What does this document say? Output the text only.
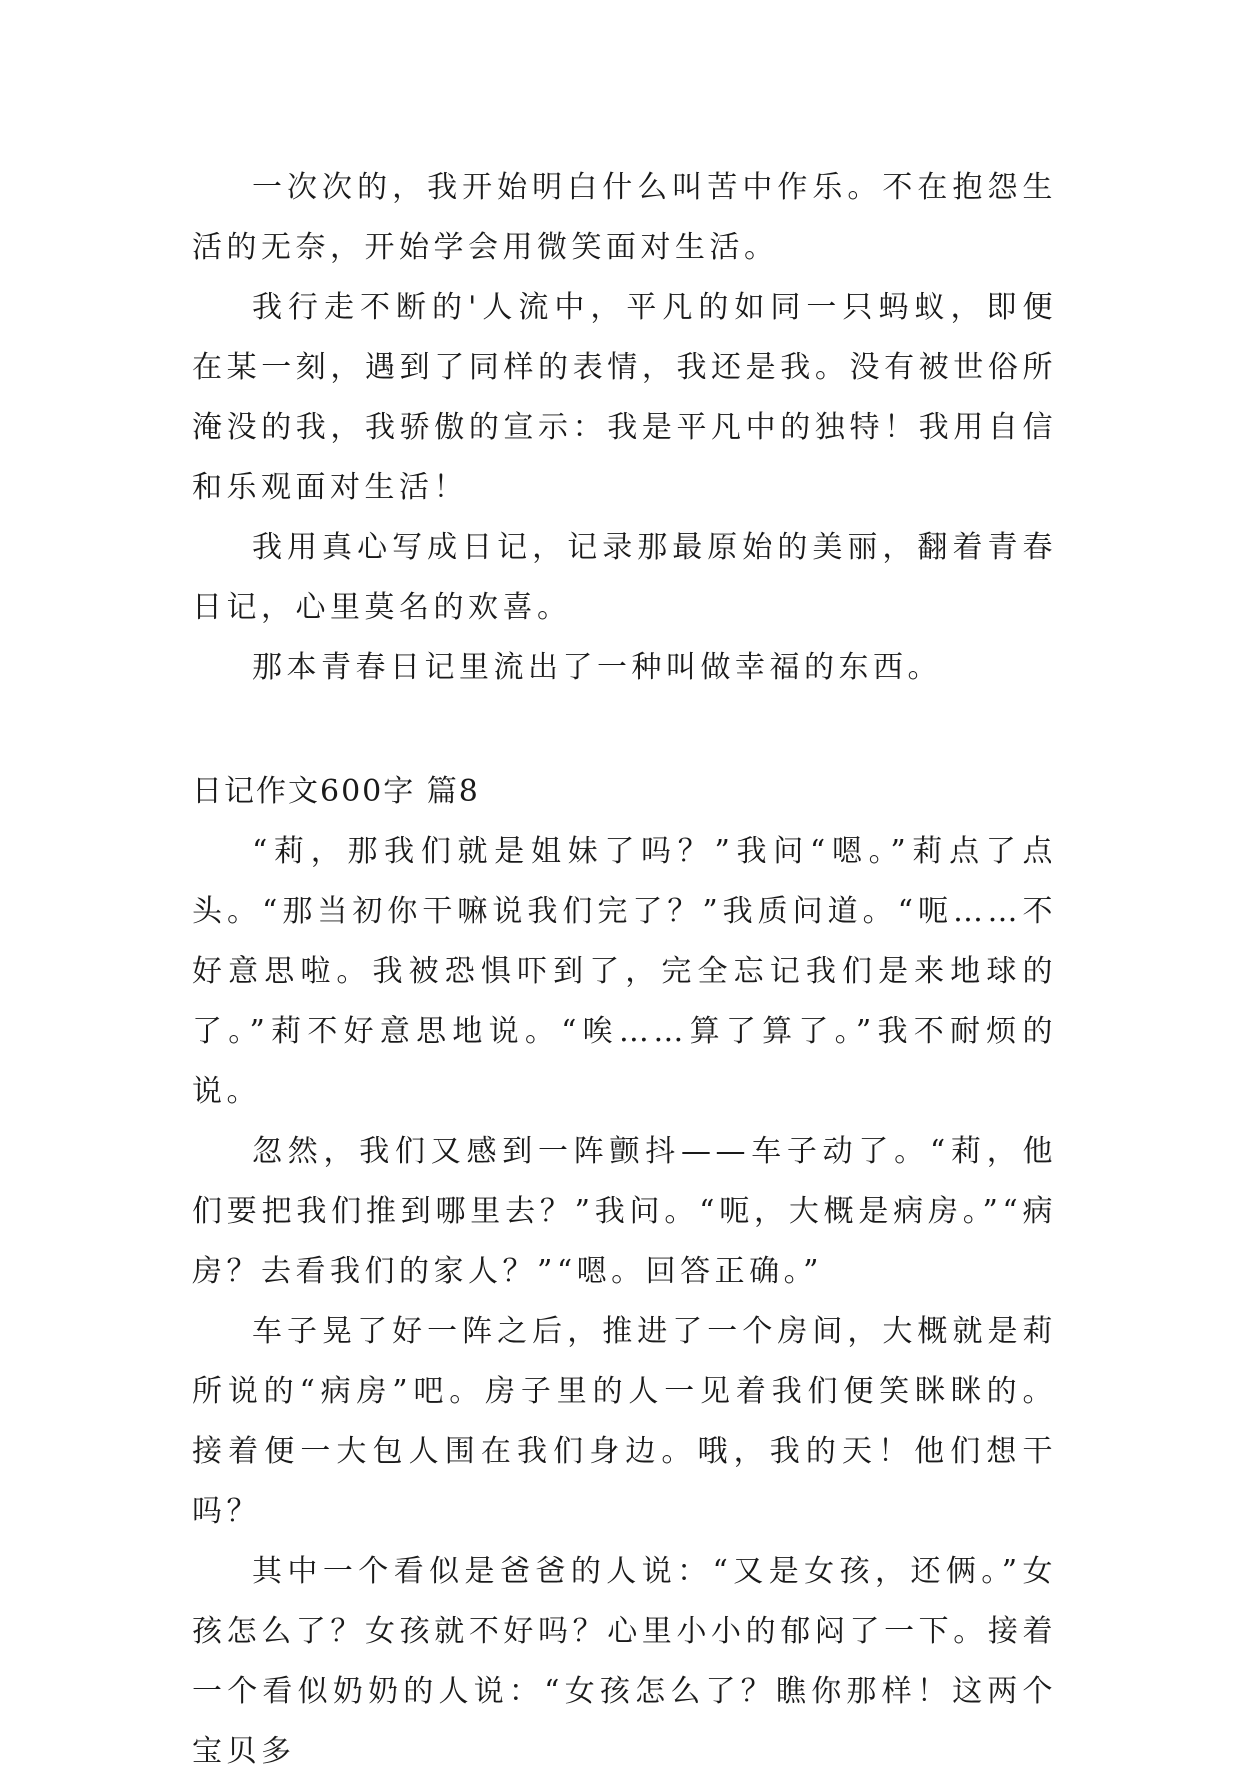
一次次的，我开始明白什么叫苦中作乐。不在抱怨生活的无奈，开始学会用微笑面对生活。

我行走不断的'人流中，平凡的如同一只蚂蚁，即便在某一刻，遇到了同样的表情，我还是我。没有被世俗所淹没的我，我骄傲的宣示：我是平凡中的独特！我用自信和乐观面对生活！

我用真心写成日记，记录那最原始的美丽，翻着青春日记，心里莫名的欢喜。

那本青春日记里流出了一种叫做幸福的东西。

日记作文600字 篇8

“莉，那我们就是姐妹了吗？”我问“嗯。”莉点了点头。“那当初你干嘛说我们完了？”我质问道。“呃……不好意思啦。我被恐惧吓到了，完全忘记我们是来地球的了。”莉不好意思地说。“唉……算了算了。”我不耐烦的说。

忽然，我们又感到一阵颤抖——车子动了。“莉，他们要把我们推到哪里去？”我问。“呃，大概是病房。”“病房？去看我们的家人？”“嗯。回答正确。”

车子晃了好一阵之后，推进了一个房间，大概就是莉所说的“病房”吧。房子里的人一见着我们便笑眯眯的。接着便一大包人围在我们身边。哦，我的天！他们想干吗？

其中一个看似是爸爸的人说：“又是女孩，还俩。”女孩怎么了？女孩就不好吗？心里小小的郁闷了一下。接着一个看似奶奶的人说：“女孩怎么了？瞧你那样！这两个宝贝多
